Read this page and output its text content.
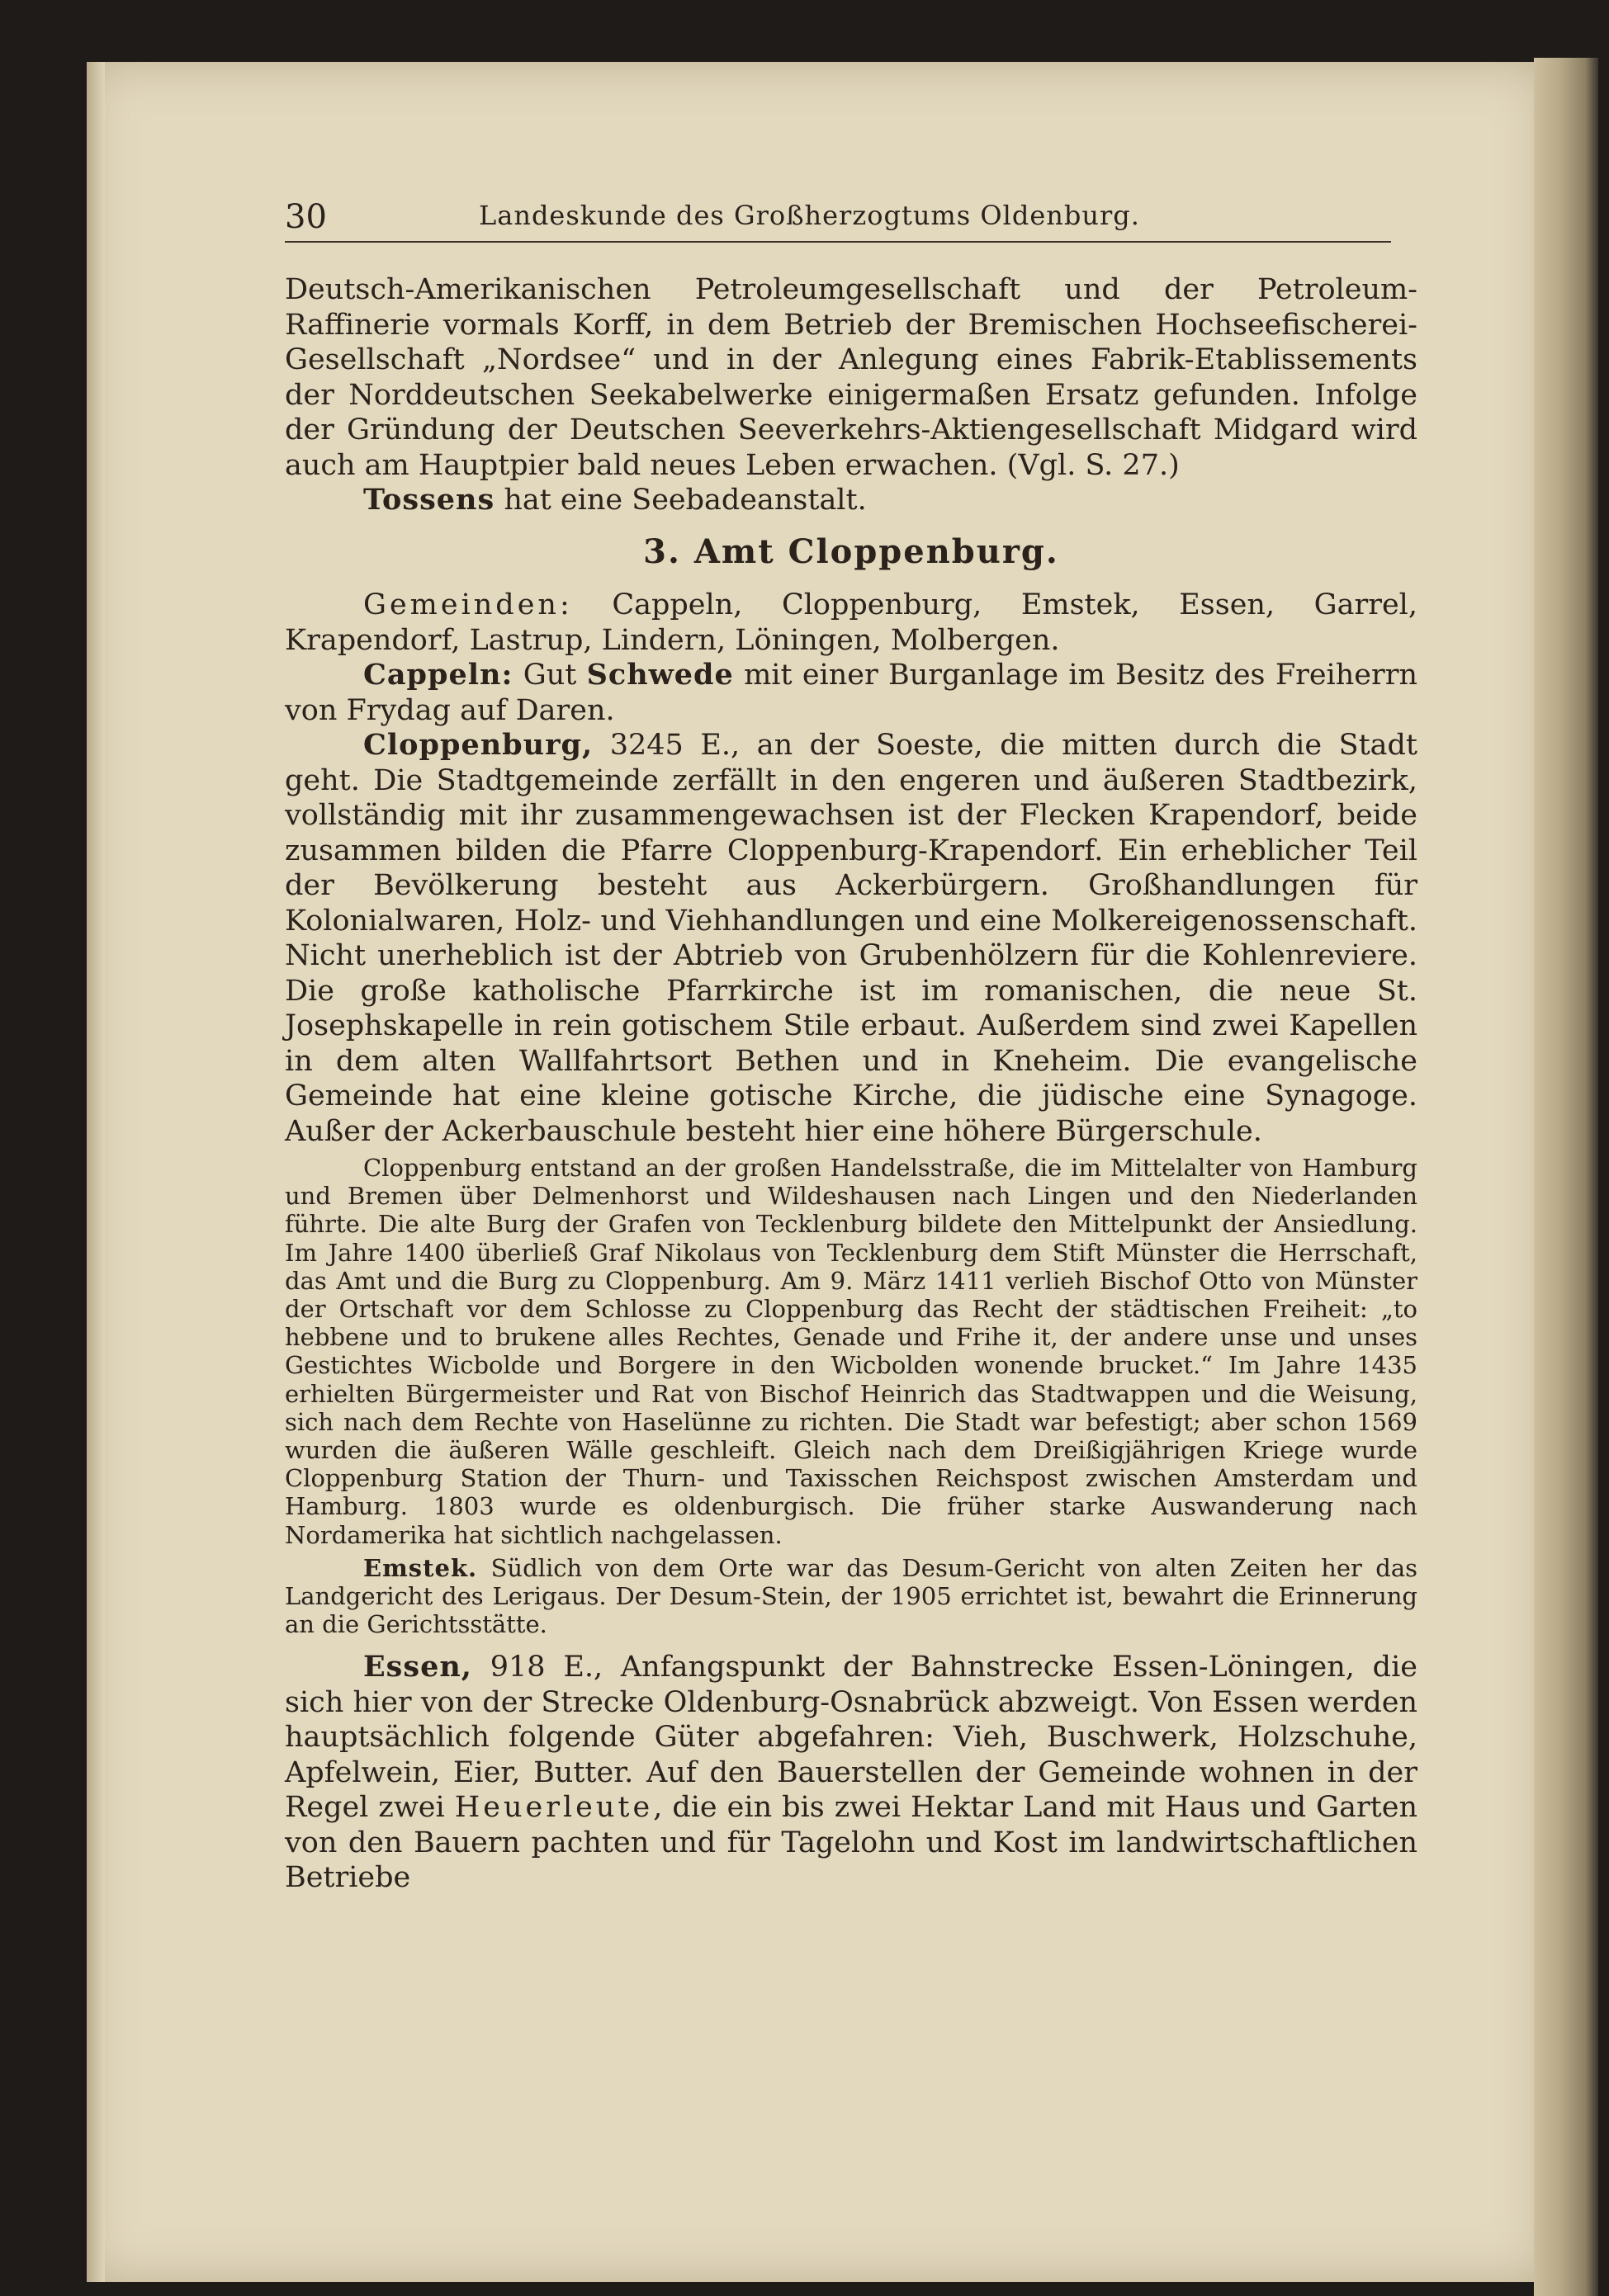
30	Landeskunde des Großherzogtums Oldenburg.

Deutsch-Amerikanischen Petroleumgesellschaft und der Petroleum-Raffinerie vormals Korff, in dem Betrieb der Bremischen Hochseefischerei-Gesellschaft „Nordsee“ und in der Anlegung eines Fabrik-Etablissements der Norddeutschen Seekabelwerke einigermaßen Ersatz gefunden. Infolge der Gründung der Deutschen Seeverkehrs-Aktiengesellschaft Midgard wird auch am Hauptpier bald neues Leben erwachen. (Vgl. S. 27.)

Tossens hat eine Seebadeanstalt.

3. Amt Cloppenburg.

Gemeinden: Cappeln, Cloppenburg, Emstek, Essen, Garrel, Krapendorf, Lastrup, Lindern, Löningen, Molbergen.

Cappeln: Gut Schwede mit einer Burganlage im Besitz des Freiherrn von Frydag auf Daren.

Cloppenburg, 3245 E., an der Soeste, die mitten durch die Stadt geht. Die Stadtgemeinde zerfällt in den engeren und äußeren Stadtbezirk, vollständig mit ihr zusammengewachsen ist der Flecken Krapendorf, beide zusammen bilden die Pfarre Cloppenburg-Krapendorf. Ein erheblicher Teil der Bevölkerung besteht aus Ackerbürgern. Großhandlungen für Kolonialwaren, Holz- und Viehhandlungen und eine Molkereigenossenschaft. Nicht unerheblich ist der Abtrieb von Grubenhölzern für die Kohlenreviere. Die große katholische Pfarrkirche ist im romanischen, die neue St. Josephskapelle in rein gotischem Stile erbaut. Außerdem sind zwei Kapellen in dem alten Wallfahrtsort Bethen und in Kneheim. Die evangelische Gemeinde hat eine kleine gotische Kirche, die jüdische eine Synagoge. Außer der Ackerbauschule besteht hier eine höhere Bürgerschule.

Cloppenburg entstand an der großen Handelsstraße, die im Mittelalter von Hamburg und Bremen über Delmenhorst und Wildeshausen nach Lingen und den Niederlanden führte. Die alte Burg der Grafen von Tecklenburg bildete den Mittelpunkt der Ansiedlung. Im Jahre 1400 überließ Graf Nikolaus von Tecklenburg dem Stift Münster die Herrschaft, das Amt und die Burg zu Cloppenburg. Am 9. März 1411 verlieh Bischof Otto von Münster der Ortschaft vor dem Schlosse zu Cloppenburg das Recht der städtischen Freiheit: „to hebbene und to brukene alles Rechtes, Genade und Frihe it, der andere unse und unses Gestichtes Wicbolde und Borgere in den Wicbolden wonende brucket.“ Im Jahre 1435 erhielten Bürgermeister und Rat von Bischof Heinrich das Stadtwappen und die Weisung, sich nach dem Rechte von Haselünne zu richten. Die Stadt war befestigt; aber schon 1569 wurden die äußeren Wälle geschleift. Gleich nach dem Dreißigjährigen Kriege wurde Cloppenburg Station der Thurn- und Taxisschen Reichspost zwischen Amsterdam und Hamburg. 1803 wurde es oldenburgisch. Die früher starke Auswanderung nach Nordamerika hat sichtlich nachgelassen.

Emstek. Südlich von dem Orte war das Desum-Gericht von alten Zeiten her das Landgericht des Lerigaus. Der Desum-Stein, der 1905 errichtet ist, bewahrt die Erinnerung an die Gerichtsstätte.

Essen, 918 E., Anfangspunkt der Bahnstrecke Essen-Löningen, die sich hier von der Strecke Oldenburg-Osnabrück abzweigt. Von Essen werden hauptsächlich folgende Güter abgefahren: Vieh, Buschwerk, Holzschuhe, Apfelwein, Eier, Butter. Auf den Bauerstellen der Gemeinde wohnen in der Regel zwei Heuerleute, die ein bis zwei Hektar Land mit Haus und Garten von den Bauern pachten und für Tagelohn und Kost im landwirtschaftlichen Betriebe
